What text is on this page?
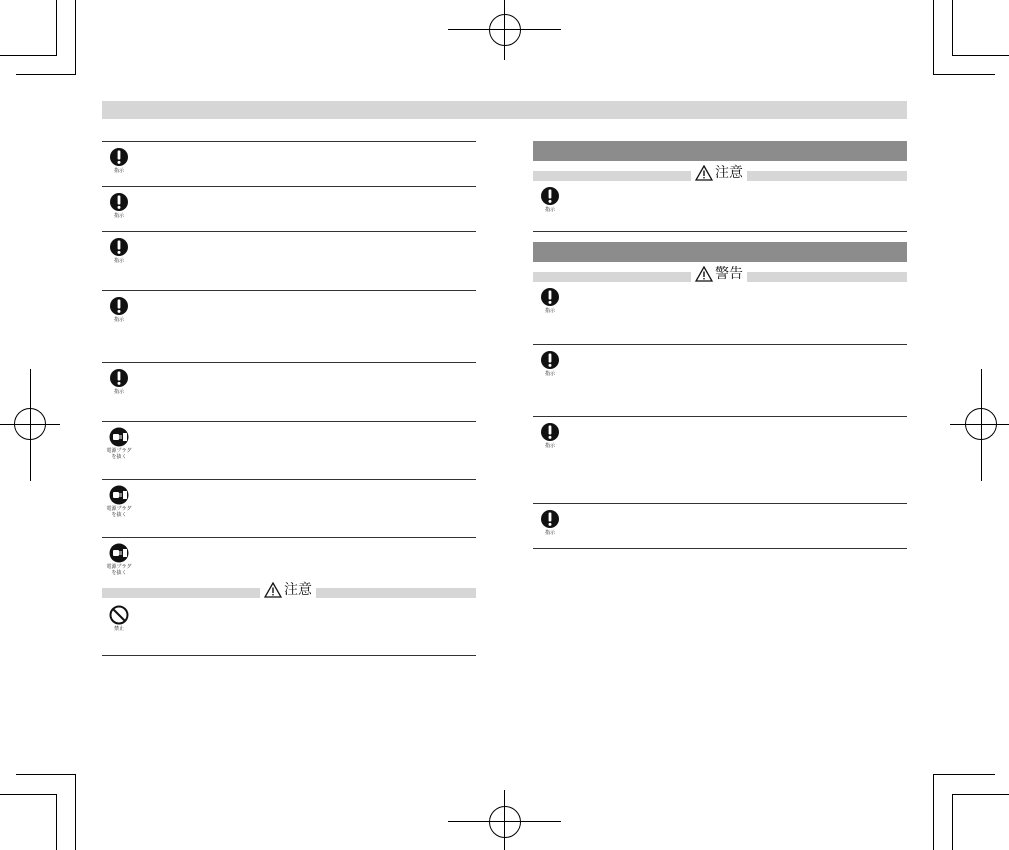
指示
指示
指示
指示
指示
電源プラグ
を抜く
電源プラグ
を抜く
電源プラグ
を抜く
注意
禁止
注意
指示
警告
指示
指示
指示
指示
